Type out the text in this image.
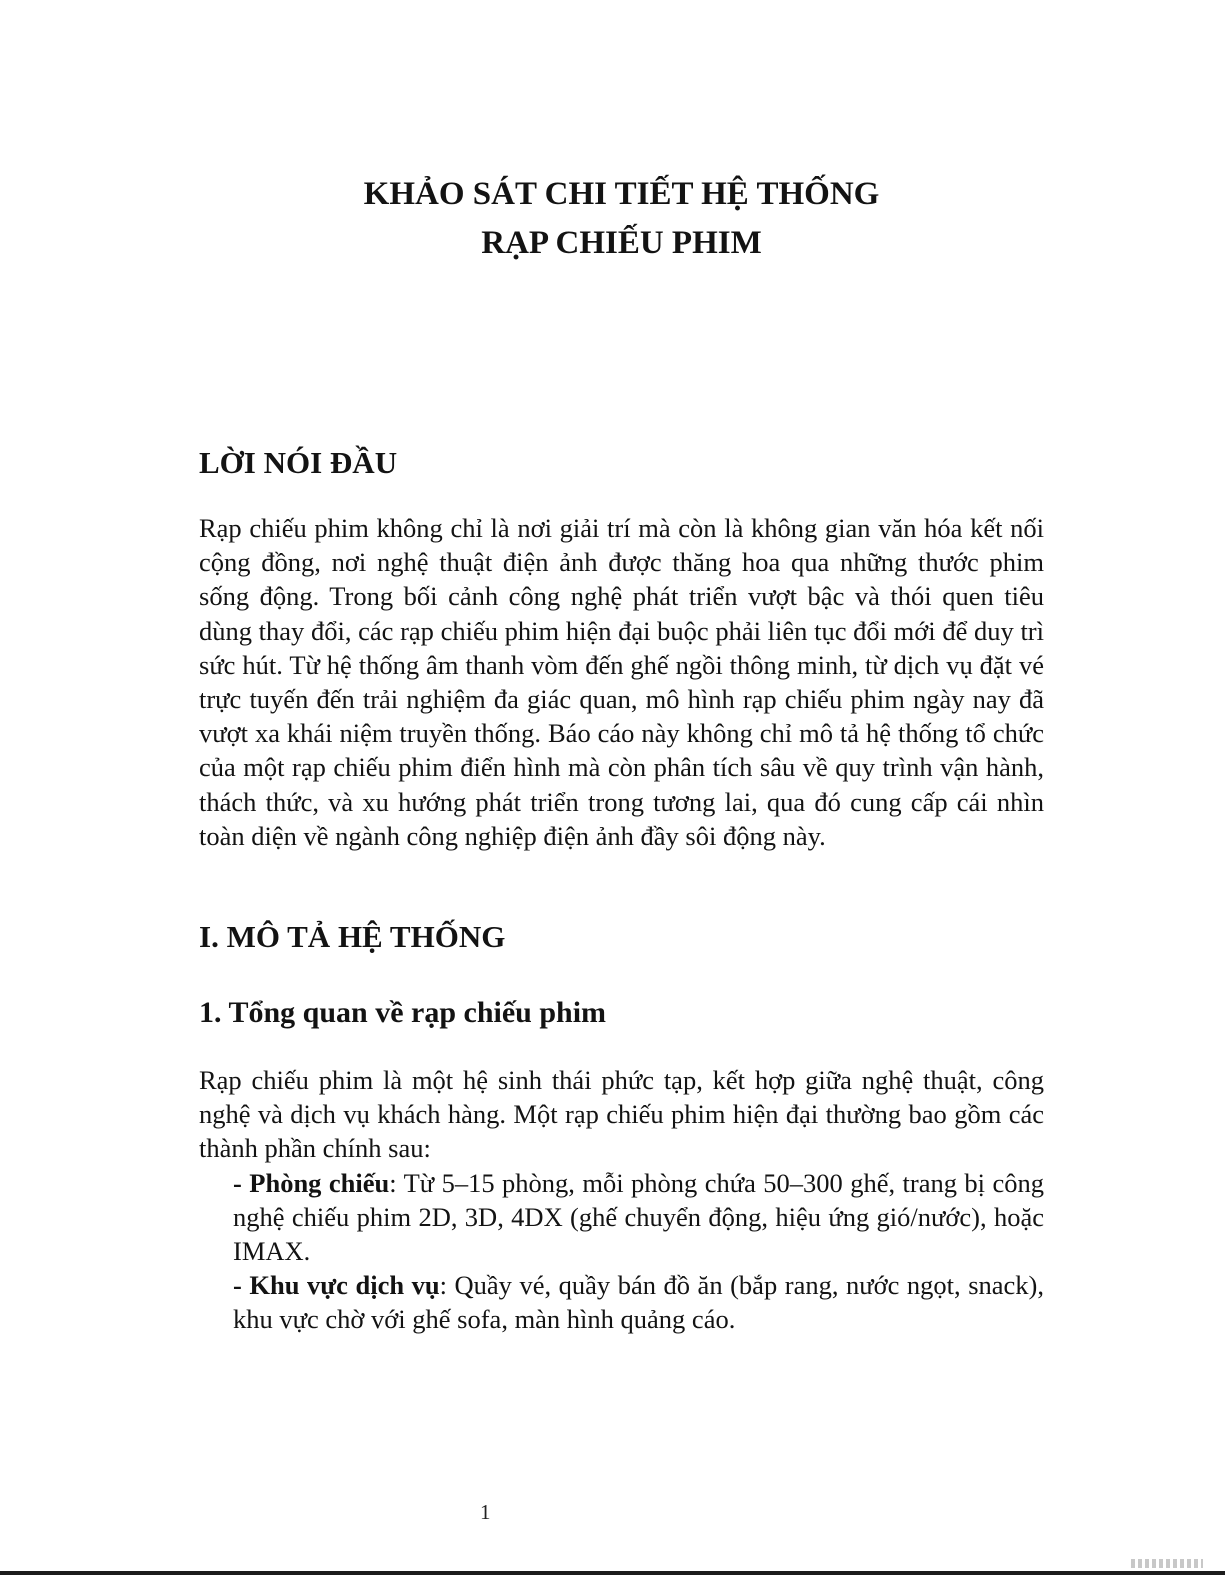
KHẢO SÁT CHI TIẾT HỆ THỐNG
RẠP CHIẾU PHIM
LỜI NÓI ĐẦU

Rạp chiếu phim không chỉ là nơi giải trí mà còn là không gian văn hóa kết nối cộng đồng, nơi nghệ thuật điện ảnh được thăng hoa qua những thước phim sống động. Trong bối cảnh công nghệ phát triển vượt bậc và thói quen tiêu dùng thay đổi, các rạp chiếu phim hiện đại buộc phải liên tục đổi mới để duy trì sức hút. Từ hệ thống âm thanh vòm đến ghế ngồi thông minh, từ dịch vụ đặt vé trực tuyến đến trải nghiệm đa giác quan, mô hình rạp chiếu phim ngày nay đã vượt xa khái niệm truyền thống. Báo cáo này không chỉ mô tả hệ thống tổ chức của một rạp chiếu phim điển hình mà còn phân tích sâu về quy trình vận hành, thách thức, và xu hướng phát triển trong tương lai, qua đó cung cấp cái nhìn toàn diện về ngành công nghiệp điện ảnh đầy sôi động này.

I. MÔ TẢ HỆ THỐNG
1. Tổng quan về rạp chiếu phim

Rạp chiếu phim là một hệ sinh thái phức tạp, kết hợp giữa nghệ thuật, công nghệ và dịch vụ khách hàng. Một rạp chiếu phim hiện đại thường bao gồm các thành phần chính sau:

- Phòng chiếu: Từ 5–15 phòng, mỗi phòng chứa 50–300 ghế, trang bị công nghệ chiếu phim 2D, 3D, 4DX (ghế chuyển động, hiệu ứng gió/nước), hoặc IMAX.

- Khu vực dịch vụ: Quầy vé, quầy bán đồ ăn (bắp rang, nước ngọt, snack), khu vực chờ với ghế sofa, màn hình quảng cáo.

1
